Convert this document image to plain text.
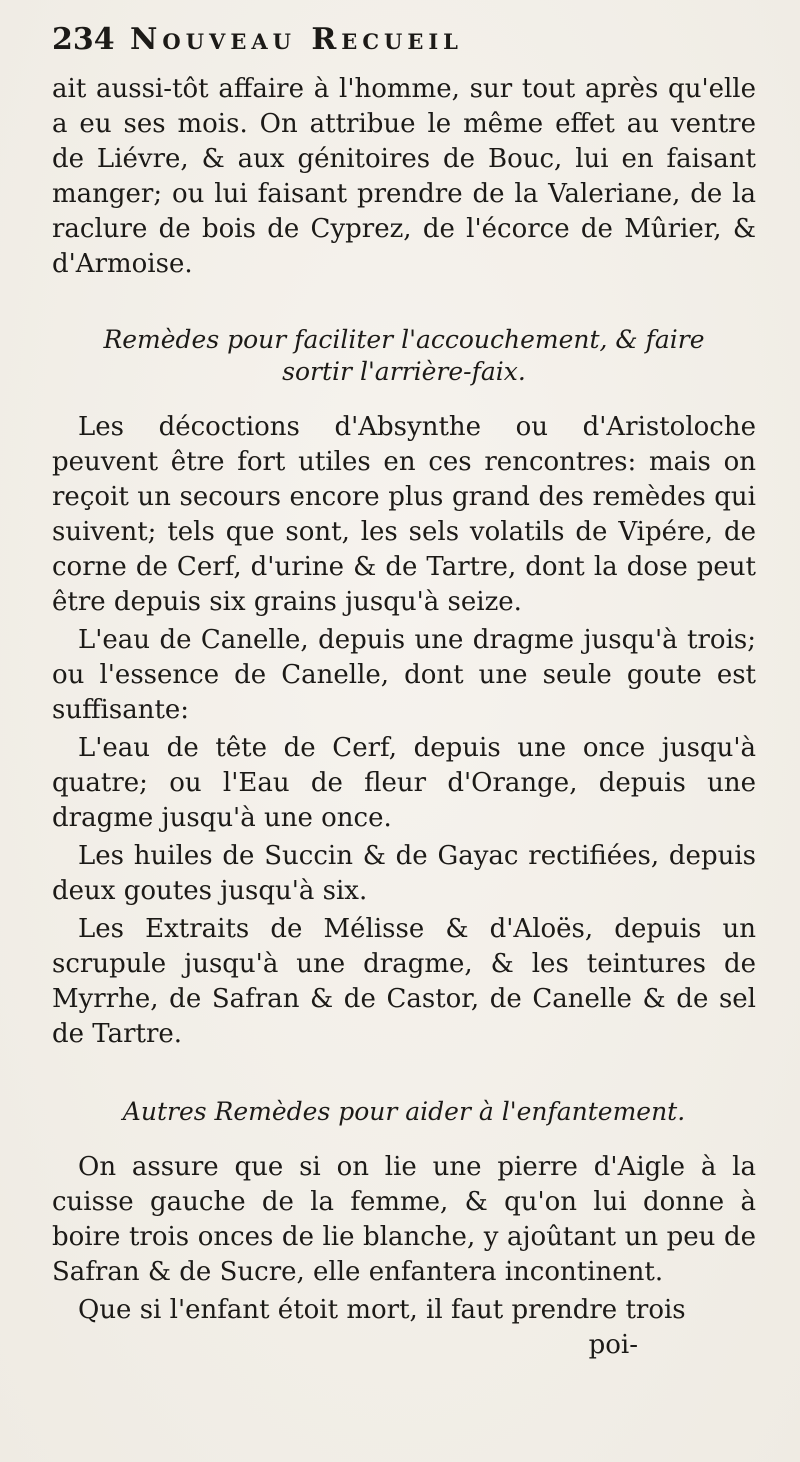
234 Nouveau Recueil

ait aussi-tôt affaire à l'homme, sur tout après qu'elle a eu ses mois. On attribue le même effet au ventre de Liévre, & aux génitoires de Bouc, lui en faisant manger; ou lui faisant prendre de la Valeriane, de la raclure de bois de Cyprez, de l'écorce de Mûrier, & d'Armoise.

Remèdes pour faciliter l'accouchement, & faire sortir l'arrière-faix.

Les décoctions d'Absynthe ou d'Aristoloche peuvent être fort utiles en ces rencontres: mais on reçoit un secours encore plus grand des remèdes qui suivent; tels que sont, les sels volatils de Vipére, de corne de Cerf, d'urine & de Tartre, dont la dose peut être depuis six grains jusqu'à seize.

L'eau de Canelle, depuis une dragme jusqu'à trois; ou l'essence de Canelle, dont une seule goute est suffisante:

L'eau de tête de Cerf, depuis une once jusqu'à quatre; ou l'Eau de fleur d'Orange, depuis une dragme jusqu'à une once.

Les huiles de Succin & de Gayac rectifiées, depuis deux goutes jusqu'à six.

Les Extraits de Mélisse & d'Aloës, depuis un scrupule jusqu'à une dragme, & les teintures de Myrrhe, de Safran & de Castor, de Canelle & de sel de Tartre.

Autres Remèdes pour aider à l'enfantement.

On assure que si on lie une pierre d'Aigle à la cuisse gauche de la femme, & qu'on lui donne à boire trois onces de lie blanche, y ajoûtant un peu de Safran & de Sucre, elle enfantera incontinent.

Que si l'enfant étoit mort, il faut prendre trois

poi-
